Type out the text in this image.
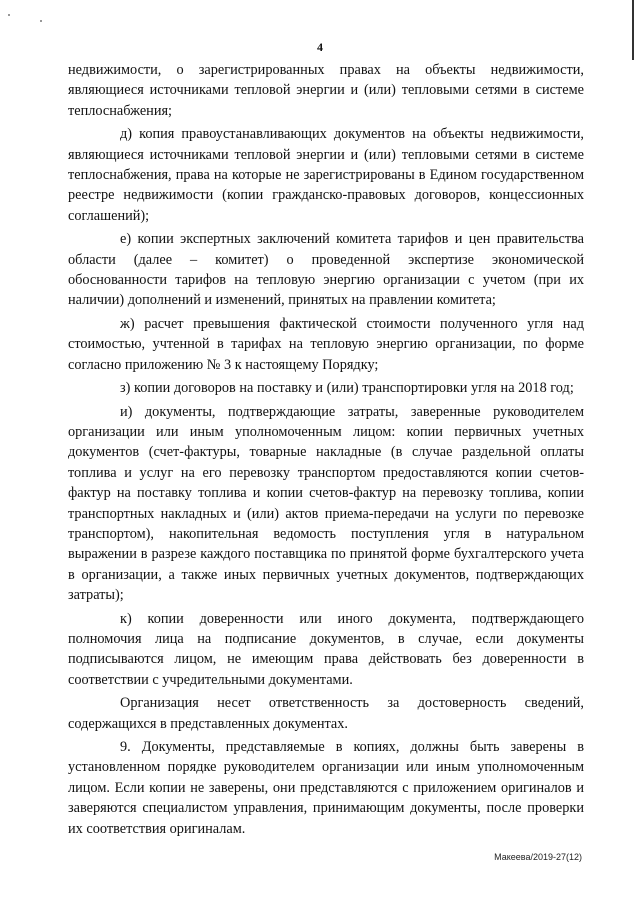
4

недвижимости, о зарегистрированных правах на объекты недвижимости, являющиеся источниками тепловой энергии и (или) тепловыми сетями в системе теплоснабжения;

д) копия правоустанавливающих документов на объекты недвижимости, являющиеся источниками тепловой энергии и (или) тепловыми сетями в системе теплоснабжения, права на которые не зарегистрированы в Едином государственном реестре недвижимости (копии гражданско-правовых договоров, концессионных соглашений);

е) копии экспертных заключений комитета тарифов и цен правительства области (далее – комитет) о проведенной экспертизе экономической обоснованности тарифов на тепловую энергию организации с учетом (при их наличии) дополнений и изменений, принятых на правлении комитета;

ж) расчет превышения фактической стоимости полученного угля над стоимостью, учтенной в тарифах на тепловую энергию организации, по форме согласно приложению № 3 к настоящему Порядку;

з) копии договоров на поставку и (или) транспортировки угля на 2018 год;

и) документы, подтверждающие затраты, заверенные руководителем организации или иным уполномоченным лицом: копии первичных учетных документов (счет-фактуры, товарные накладные (в случае раздельной оплаты топлива и услуг на его перевозку транспортом предоставляются копии счетов-фактур на поставку топлива и копии счетов-фактур на перевозку топлива, копии транспортных накладных и (или) актов приема-передачи на услуги по перевозке транспортом), накопительная ведомость поступления угля в натуральном выражении в разрезе каждого поставщика по принятой форме бухгалтерского учета в организации, а также иных первичных учетных документов, подтверждающих затраты);

к) копии доверенности или иного документа, подтверждающего полномочия лица на подписание документов, в случае, если документы подписываются лицом, не имеющим права действовать без доверенности в соответствии с учредительными документами.

Организация несет ответственность за достоверность сведений, содержащихся в представленных документах.

9. Документы, представляемые в копиях, должны быть заверены в установленном порядке руководителем организации или иным уполномоченным лицом. Если копии не заверены, они представляются с приложением оригиналов и заверяются специалистом управления, принимающим документы, после проверки их соответствия оригиналам.

Макеева/2019-27(12)
